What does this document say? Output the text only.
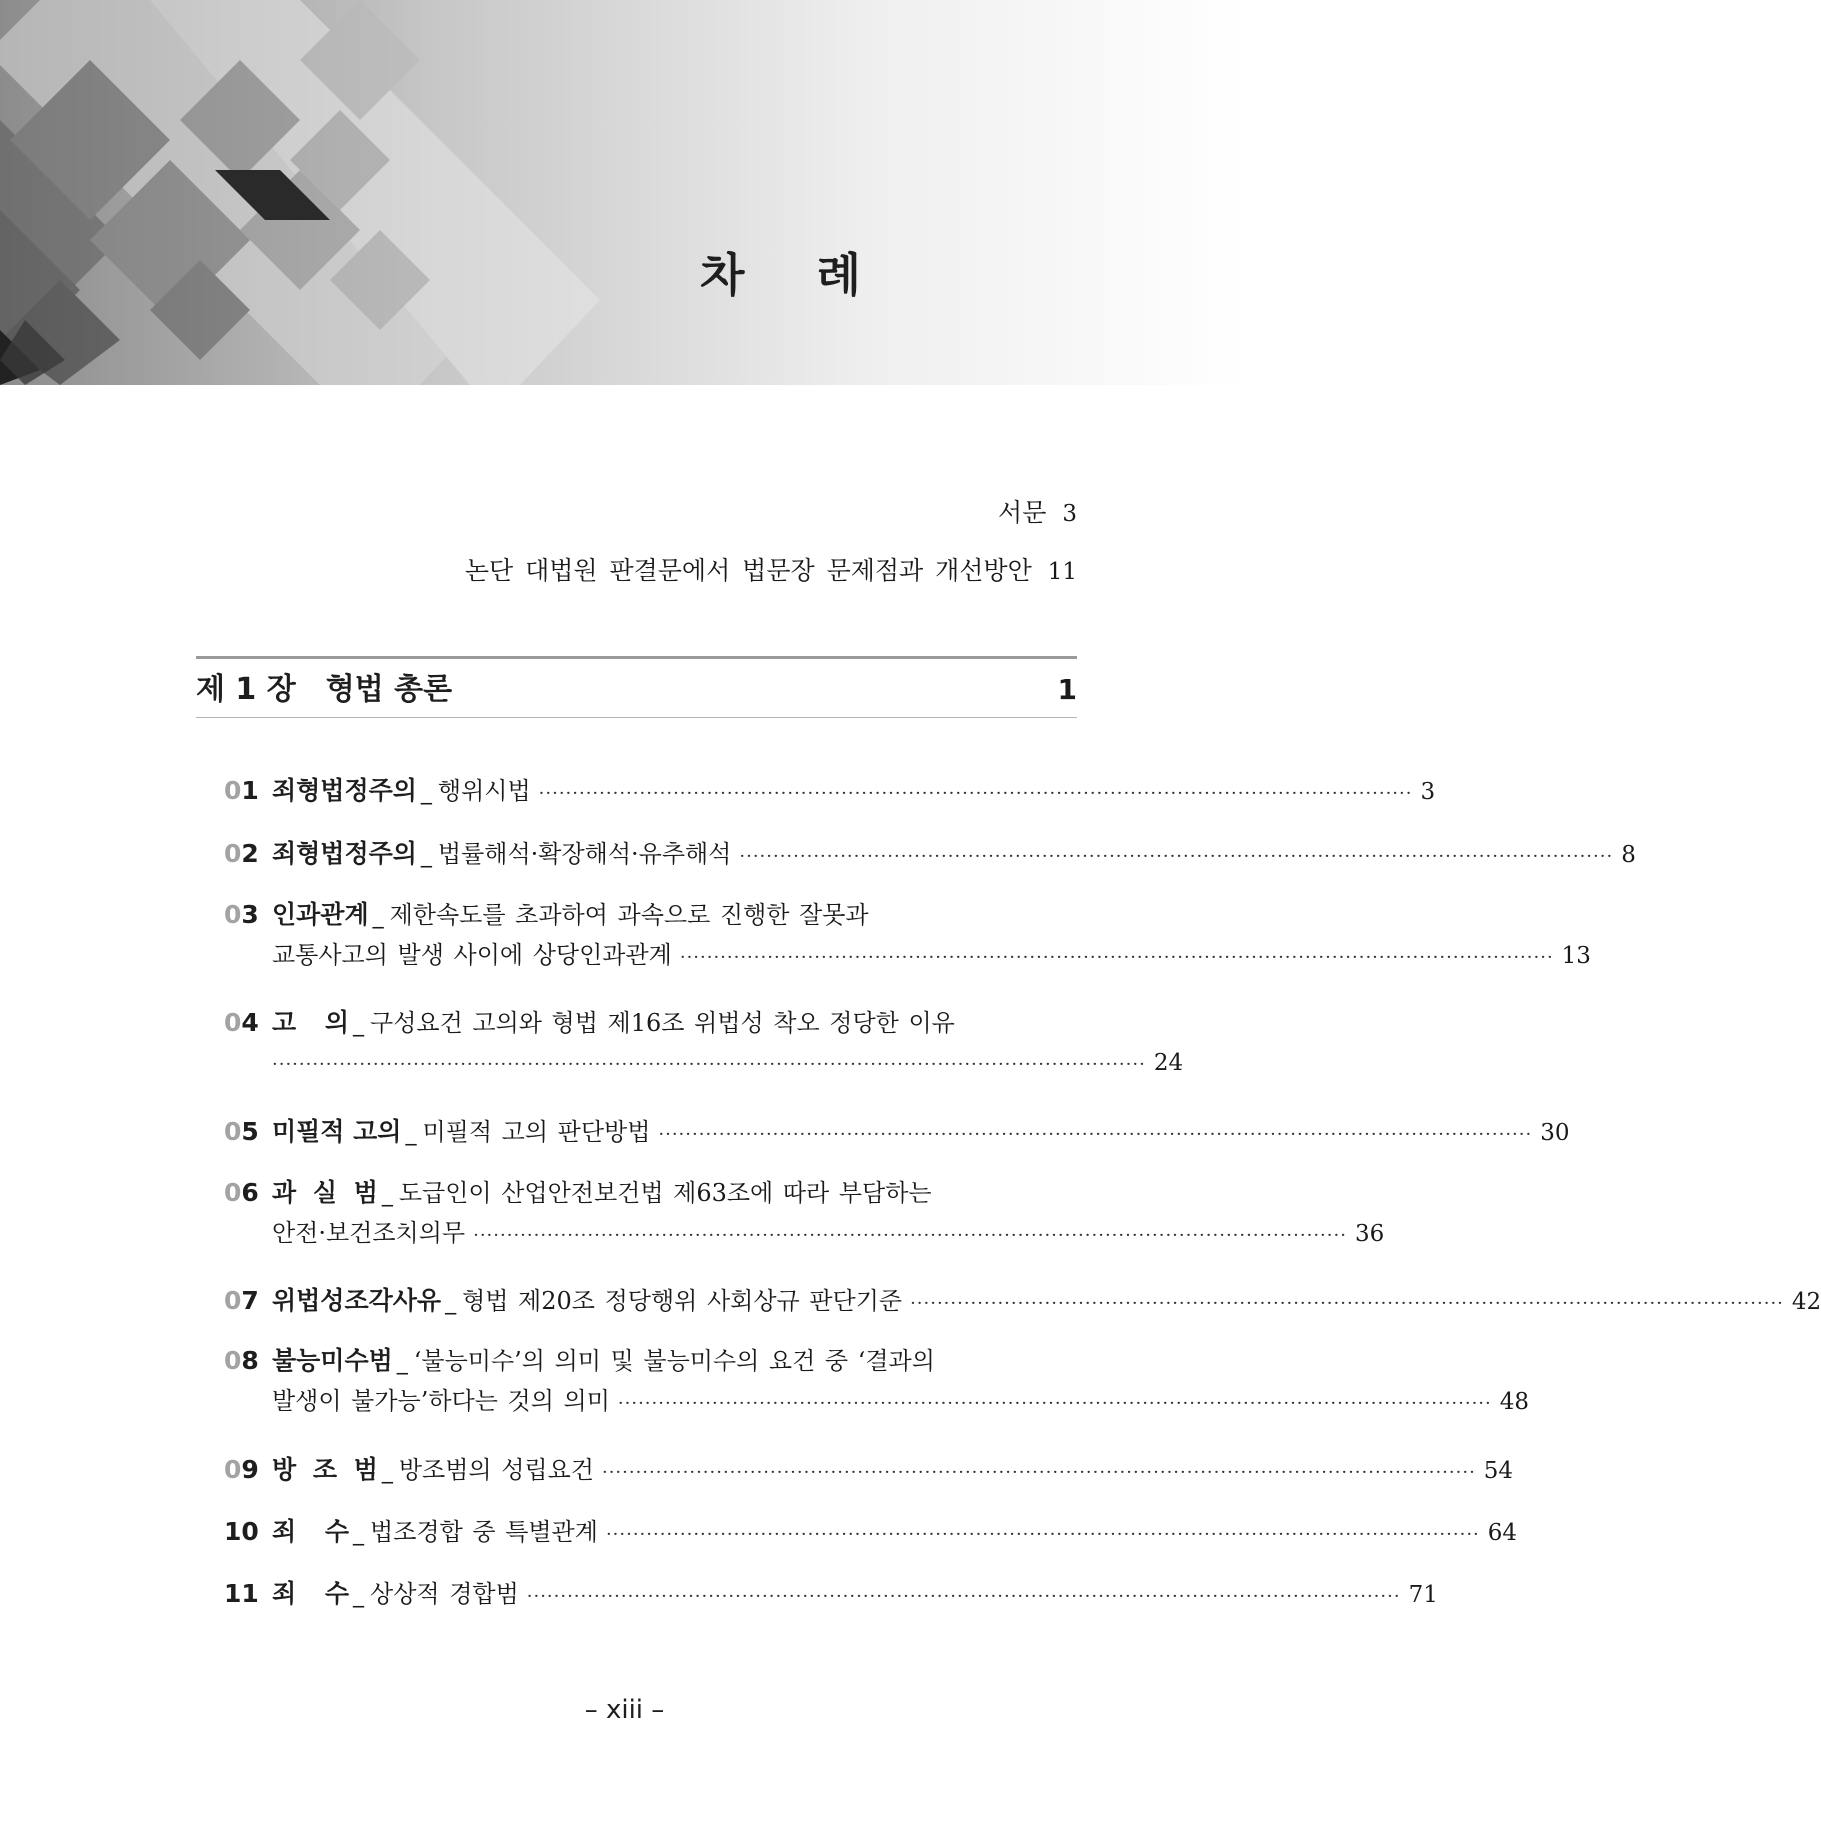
차 례
서문 3
논단 대법원 판결문에서 법문장 문제점과 개선방안 11
제 1 장 형법 총론	1
01 죄형법정주의 _ 행위시법 ·································································································································· 3
02 죄형법정주의 _ 법률해석·확장해석·유추해석 ·································································································································· 8
03 인과관계 _ 제한속도를 초과하여 과속으로 진행한 잘못과
교통사고의 발생 사이에 상당인과관계 ·································································································································· 13
04 고 의 _ 구성요건 고의와 형법 제16조 위법성 착오 정당한 이유
·································································································································· 24
05 미필적 고의 _ 미필적 고의 판단방법 ·································································································································· 30
06 과 실 범 _ 도급인이 산업안전보건법 제63조에 따라 부담하는
안전·보건조치의무 ·································································································································· 36
07 위법성조각사유 _ 형법 제20조 정당행위 사회상규 판단기준 ·································································································································· 42
08 불능미수범 _ ‘불능미수’의 의미 및 불능미수의 요건 중 ‘결과의
발생이 불가능’하다는 것의 의미 ·································································································································· 48
09 방 조 범 _ 방조범의 성립요건 ·································································································································· 54
10 죄 수 _ 법조경합 중 특별관계 ·································································································································· 64
11 죄 수 _ 상상적 경합범 ·································································································································· 71
– xiii –
